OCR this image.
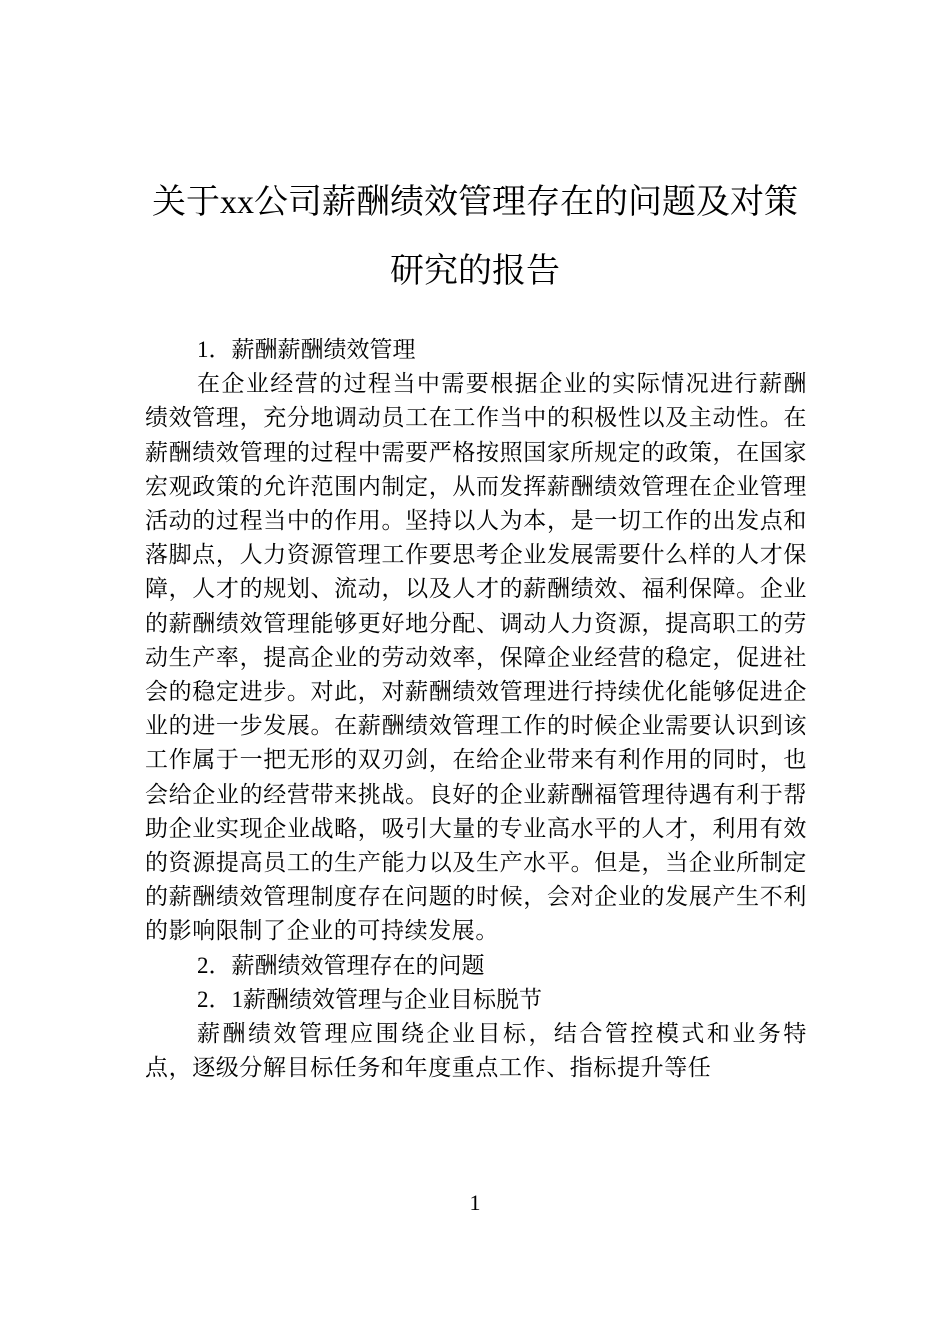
关于xx公司薪酬绩效管理存在的问题及对策研究的报告
1．薪酬薪酬绩效管理

在企业经营的过程当中需要根据企业的实际情况进行薪酬绩效管理，充分地调动员工在工作当中的积极性以及主动性。在薪酬绩效管理的过程中需要严格按照国家所规定的政策，在国家宏观政策的允许范围内制定，从而发挥薪酬绩效管理在企业管理活动的过程当中的作用。坚持以人为本，是一切工作的出发点和落脚点，人力资源管理工作要思考企业发展需要什么样的人才保障，人才的规划、流动，以及人才的薪酬绩效、福利保障。企业的薪酬绩效管理能够更好地分配、调动人力资源，提高职工的劳动生产率，提高企业的劳动效率，保障企业经营的稳定，促进社会的稳定进步。对此，对薪酬绩效管理进行持续优化能够促进企业的进一步发展。在薪酬绩效管理工作的时候企业需要认识到该工作属于一把无形的双刃剑，在给企业带来有利作用的同时，也会给企业的经营带来挑战。良好的企业薪酬福管理待遇有利于帮助企业实现企业战略，吸引大量的专业高水平的人才，利用有效的资源提高员工的生产能力以及生产水平。但是，当企业所制定的薪酬绩效管理制度存在问题的时候，会对企业的发展产生不利的影响限制了企业的可持续发展。

2．薪酬绩效管理存在的问题
2．1薪酬绩效管理与企业目标脱节

薪酬绩效管理应围绕企业目标，结合管控模式和业务特点，逐级分解目标任务和年度重点工作、指标提升等任

1
